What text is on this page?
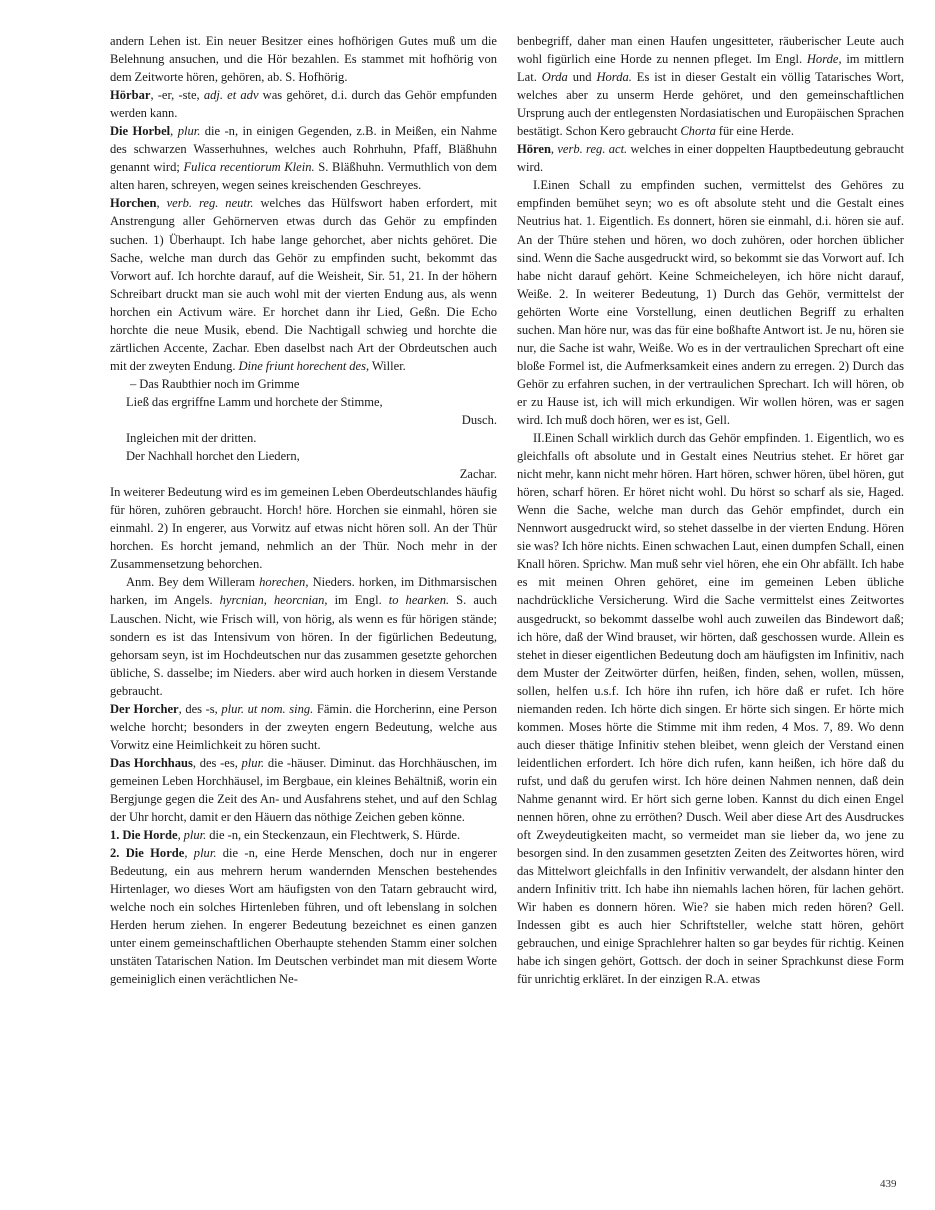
andern Lehen ist. Ein neuer Besitzer eines hofhörigen Gutes muß um die Belehnung ansuchen, und die Hör bezahlen. Es stammet mit hofhörig von dem Zeitworte hören, gehören, ab. S. Hofhörig.

Hörbar, -er, -ste, adj. et adv was gehöret, d.i. durch das Gehör empfunden werden kann.

Die Horbel, plur. die -n, in einigen Gegenden, z.B. in Meißen, ein Nahme des schwarzen Wasserhuhnes, welches auch Rohrhuhn, Pfaff, Bläßhuhn genannt wird; Fulica recentiorum Klein. S. Bläßhuhn. Vermuthlich von dem alten haren, schreyen, wegen seines kreischenden Geschreyes.

Horchen, verb. reg. neutr. welches das Hülfswort haben erfordert, mit Anstrengung aller Gehörnerven etwas durch das Gehör zu empfinden suchen. 1) Überhaupt. Ich habe lange gehorchet, aber nichts gehöret. Die Sache, welche man durch das Gehör zu empfinden sucht, bekommt das Vorwort auf. Ich horchte darauf, auf die Weisheit, Sir. 51, 21. In der höhern Schreibart druckt man sie auch wohl mit der vierten Endung aus, als wenn horchen ein Activum wäre. Er horchet dann ihr Lied, Geßn. Die Echo horchte die neue Musik, ebend. Die Nachtigall schwieg und horchte die zärtlichen Accente, Zachar. Eben daselbst nach Art der Obrdeutschen auch mit der zweyten Endung. Dine friunt horechent des, Willer.

– Das Raubthier noch im Grimme
Ließ das ergriffne Lamm und horchete der Stimme,
Dusch.
Ingleichen mit der dritten.
Der Nachhall horchet den Liedern,
Zachar.

In weiterer Bedeutung wird es im gemeinen Leben Oberdeutschlandes häufig für hören, zuhören gebraucht. Horch! höre. Horchen sie einmahl, hören sie einmahl. 2) In engerer, aus Vorwitz auf etwas nicht hören soll. An der Thür horchen. Es horcht jemand, nehmlich an der Thür. Noch mehr in der Zusammensetzung behorchen.

Anm. Bey dem Willeram horechen, Nieders. horken, im Dithmarsischen harken, im Angels. hyrcnian, heorcnian, im Engl. to hearken. S. auch Lauschen. Nicht, wie Frisch will, von hörig, als wenn es für hörigen stände; sondern es ist das Intensivum von hören. In der figürlichen Bedeutung, gehorsam seyn, ist im Hochdeutschen nur das zusammen gesetzte gehorchen übliche, S. dasselbe; im Nieders. aber wird auch horken in diesem Verstande gebraucht.

Der Horcher, des -s, plur. ut nom. sing. Fämin. die Horcherinn, eine Person welche horcht; besonders in der zweyten engern Bedeutung, welche aus Vorwitz eine Heimlichkeit zu hören sucht.

Das Horchhaus, des -es, plur. die -häuser. Diminut. das Horchhäuschen, im gemeinen Leben Horchhäusel, im Bergbaue, ein kleines Behältniß, worin ein Bergjunge gegen die Zeit des An- und Ausfahrens stehet, und auf den Schlag der Uhr horcht, damit er den Häuern das nöthige Zeichen geben könne.

1. Die Horde, plur. die -n, ein Steckenzaun, ein Flechtwerk, S. Hürde.

2. Die Horde, plur. die -n, eine Herde Menschen, doch nur in engerer Bedeutung, ein aus mehrern herum wandernden Menschen bestehendes Hirtenlager, wo dieses Wort am häufigsten von den Tatarn gebraucht wird, welche noch ein solches Hirtenleben führen, und oft lebenslang in solchen Herden herum ziehen. In engerer Bedeutung bezeichnet es einen ganzen unter einem gemeinschaftlichen Oberhaupte stehenden Stamm einer solchen unstäten Tatarischen Nation. Im Deutschen verbindet man mit diesem Worte gemeiniglich einen verächtlichen Ne-

benbegriff, daher man einen Haufen ungesitteter, räuberischer Leute auch wohl figürlich eine Horde zu nennen pfleget. Im Engl. Horde, im mittlern Lat. Orda und Horda. Es ist in dieser Gestalt ein völlig Tatarisches Wort, welches aber zu unserm Herde gehöret, und den gemeinschaftlichen Ursprung auch der entlegensten Nordasiatischen und Europäischen Sprachen bestätigt. Schon Kero gebraucht Chorta für eine Herde.

Hören, verb. reg. act. welches in einer doppelten Hauptbedeutung gebraucht wird.

I.Einen Schall zu empfinden suchen, vermittelst des Gehöres zu empfinden bemühet seyn; wo es oft absolute steht und die Gestalt eines Neutrius hat. 1. Eigentlich. Es donnert, hören sie einmahl, d.i. hören sie auf. An der Thüre stehen und hören, wo doch zuhören, oder horchen üblicher sind. Wenn die Sache ausgedruckt wird, so bekommt sie das Vorwort auf. Ich habe nicht darauf gehört. Keine Schmeicheleyen, ich höre nicht darauf, Weiße. 2. In weiterer Bedeutung, 1) Durch das Gehör, vermittelst der gehörten Worte eine Vorstellung, einen deutlichen Begriff zu erhalten suchen. Man höre nur, was das für eine boßhafte Antwort ist. Je nu, hören sie nur, die Sache ist wahr, Weiße. Wo es in der vertraulichen Sprechart oft eine bloße Formel ist, die Aufmerksamkeit eines andern zu erregen. 2) Durch das Gehör zu erfahren suchen, in der vertraulichen Sprechart. Ich will hören, ob er zu Hause ist, ich will mich erkundigen. Wir wollen hören, was er sagen wird. Ich muß doch hören, wer es ist, Gell.

II.Einen Schall wirklich durch das Gehör empfinden. 1. Eigentlich, wo es gleichfalls oft absolute und in Gestalt eines Neutrius stehet. Er höret gar nicht mehr, kann nicht mehr hören. Hart hören, schwer hören, übel hören, gut hören, scharf hören. Er höret nicht wohl. Du hörst so scharf als sie, Haged. Wenn die Sache, welche man durch das Gehör empfindet, durch ein Nennwort ausgedruckt wird, so stehet dasselbe in der vierten Endung. Hören sie was? Ich höre nichts. Einen schwachen Laut, einen dumpfen Schall, einen Knall hören. Sprichw. Man muß sehr viel hören, ehe ein Ohr abfällt. Ich habe es mit meinen Ohren gehöret, eine im gemeinen Leben übliche nachdrückliche Versicherung. Wird die Sache vermittelst eines Zeitwortes ausgedruckt, so bekommt dasselbe wohl auch zuweilen das Bindewort daß; ich höre, daß der Wind brauset, wir hörten, daß geschossen wurde. Allein es stehet in dieser eigentlichen Bedeutung doch am häufigsten im Infinitiv, nach dem Muster der Zeitwörter dürfen, heißen, finden, sehen, wollen, müssen, sollen, helfen u.s.f. Ich höre ihn rufen, ich höre daß er rufet. Ich höre niemanden reden. Ich hörte dich singen. Er hörte sich singen. Er hörte mich kommen. Moses hörte die Stimme mit ihm reden, 4 Mos. 7, 89. Wo denn auch dieser thätige Infinitiv stehen bleibet, wenn gleich der Verstand einen leidentlichen erfordert. Ich höre dich rufen, kann heißen, ich höre daß du rufst, und daß du gerufen wirst. Ich höre deinen Nahmen nennen, daß dein Nahme genannt wird. Er hört sich gerne loben. Kannst du dich einen Engel nennen hören, ohne zu erröthen? Dusch. Weil aber diese Art des Ausdruckes oft Zweydeutigkeiten macht, so vermeidet man sie lieber da, wo jene zu besorgen sind. In den zusammen gesetzten Zeiten des Zeitwortes hören, wird das Mittelwort gleichfalls in den Infinitiv verwandelt, der alsdann hinter den andern Infinitiv tritt. Ich habe ihn niemahls lachen hören, für lachen gehört. Wir haben es donnern hören. Wie? sie haben mich reden hören? Gell. Indessen gibt es auch hier Schriftsteller, welche statt hören, gehört gebrauchen, und einige Sprachlehrer halten so gar beydes für richtig. Keinen habe ich singen gehört, Gottsch. der doch in seiner Sprachkunst diese Form für unrichtig erkläret. In der einzigen R.A. etwas

439
